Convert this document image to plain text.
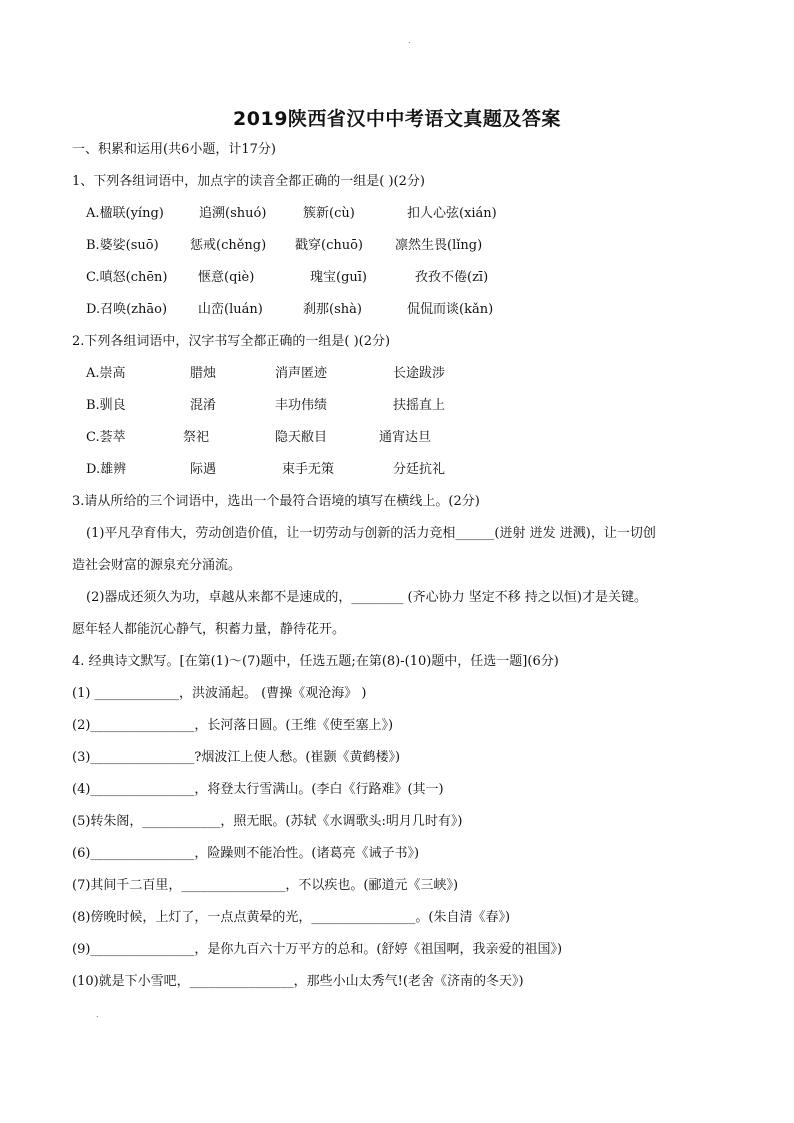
.
2019陕西省汉中中考语文真题及答案
一、积累和运用(共6小题，计17分)
1、下列各组词语中，加点字的读音全都正确的一组是( )(2分)
A.楹联(yíng)	追溯(shuó)	簇新(cù)	扣人心弦(xián)
B.婆娑(suō) 惩戒(chěng) 戳穿(chuō) 凛然生畏(lǐng)
C.嗔怒(chēn) 惬意(qiè)	瑰宝(guī)	孜孜不倦(zī)
D.召唤(zhāo) 山峦(luán)	刹那(shà)	侃侃而谈(kǎn)
2.下列各组词语中，汉字书写全都正确的一组是( )(2分)
A.崇高	腊烛	消声匿迹	长途跋涉
B.驯良	混淆	丰功伟绩	扶摇直上
C.荟萃	祭祀	隐天敝目	通宵达旦
D.雄辨	际遇	束手无策	分廷抗礼
3.请从所给的三个词语中，选出一个最符合语境的填写在横线上。(2分)
(1)平凡孕育伟大，劳动创造价值，让一切劳动与创新的活力竞相______(迸射 迸发 迸溅)，让一切创
造社会财富的源泉充分涌流。
(2)器成还须久为功，卓越从来都不是速成的，________ (齐心协力 坚定不移 持之以恒)才是关键。
愿年轻人都能沉心静气，积蓄力量，静待花开。
4. 经典诗文默写。[在第(1)～(7)题中，任选五题;在第(8)-(10)题中，任选一题](6分)
(1) _____________，洪波涌起。 (曹操《观沧海》 )
(2)________________，长河落日圆。(王维《使至塞上》)
(3)________________?烟波江上使人愁。(崔颢《黄鹤楼》)
(4)________________，将登太行雪满山。(李白《行路难》(其一)
(5)转朱阁，____________，照无眠。(苏轼《水调歌头:明月几时有》)
(6)________________，险躁则不能冶性。(诸葛亮《诫子书》)
(7)其间千二百里，________________，不以疾也。(郦道元《三峡》)
(8)傍晚时候，上灯了，一点点黄晕的光，________________。(朱自清《春》)
(9)________________，是你九百六十万平方的总和。(舒婷《祖国啊，我亲爱的祖国》)
(10)就是下小雪吧，________________，那些小山太秀气!(老舍《济南的冬天》)
.
